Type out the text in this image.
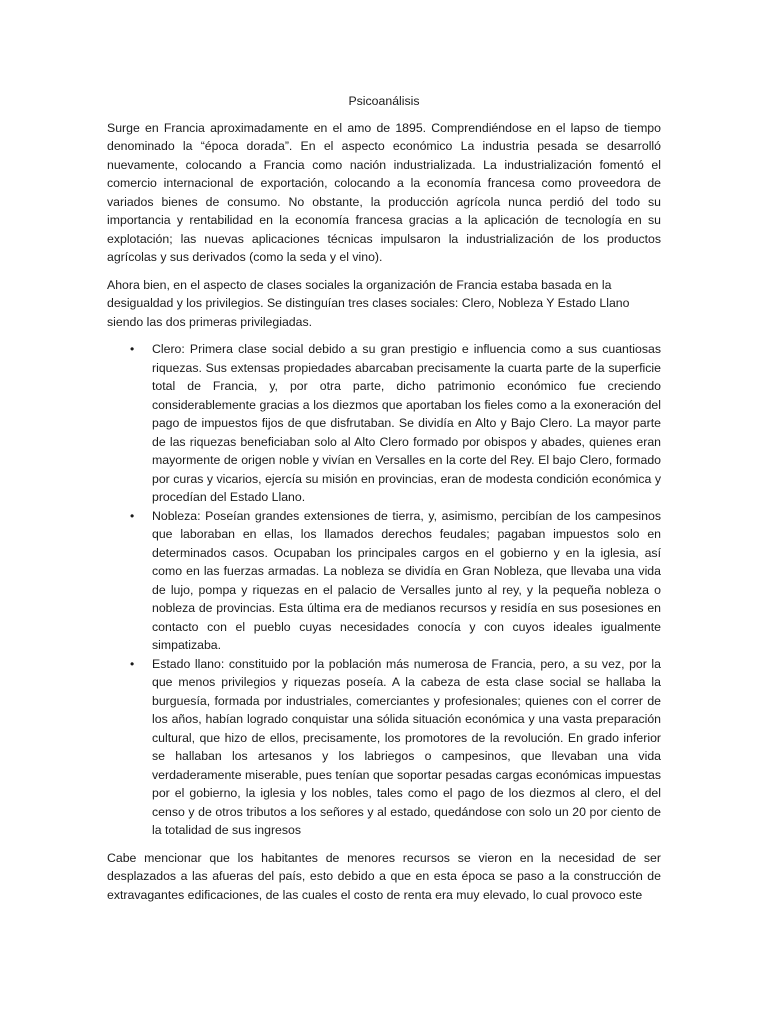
Psicoanálisis

Surge en Francia aproximadamente en el amo de 1895. Comprendiéndose en el lapso de tiempo denominado la “época dorada”. En el aspecto económico La industria pesada se desarrolló nuevamente, colocando a Francia como nación industrializada. La industrialización fomentó el comercio internacional de exportación, colocando a la economía francesa como proveedora de variados bienes de consumo. No obstante, la producción agrícola nunca perdió del todo su importancia y rentabilidad en la economía francesa gracias a la aplicación de tecnología en su explotación; las nuevas aplicaciones técnicas impulsaron la industrialización de los productos agrícolas y sus derivados (como la seda y el vino).

Ahora bien, en el aspecto de clases sociales la organización de Francia estaba basada en la desigualdad y los privilegios. Se distinguían tres clases sociales: Clero, Nobleza Y Estado Llano siendo las dos primeras privilegiadas.

• Clero: Primera clase social debido a su gran prestigio e influencia como a sus cuantiosas riquezas. Sus extensas propiedades abarcaban precisamente la cuarta parte de la superficie total de Francia, y, por otra parte, dicho patrimonio económico fue creciendo considerablemente gracias a los diezmos que aportaban los fieles como a la exoneración del pago de impuestos fijos de que disfrutaban. Se dividía en Alto y Bajo Clero. La mayor parte de las riquezas beneficiaban solo al Alto Clero formado por obispos y abades, quienes eran mayormente de origen noble y vivían en Versalles en la corte del Rey. El bajo Clero, formado por curas y vicarios, ejercía su misión en provincias, eran de modesta condición económica y procedían del Estado Llano.
• Nobleza: Poseían grandes extensiones de tierra, y, asimismo, percibían de los campesinos que laboraban en ellas, los llamados derechos feudales; pagaban impuestos solo en determinados casos. Ocupaban los principales cargos en el gobierno y en la iglesia, así como en las fuerzas armadas. La nobleza se dividía en Gran Nobleza, que llevaba una vida de lujo, pompa y riquezas en el palacio de Versalles junto al rey, y la pequeña nobleza o nobleza de provincias. Esta última era de medianos recursos y residía en sus posesiones en contacto con el pueblo cuyas necesidades conocía y con cuyos ideales igualmente simpatizaba.
• Estado llano: constituido por la población más numerosa de Francia, pero, a su vez, por la que menos privilegios y riquezas poseía. A la cabeza de esta clase social se hallaba la burguesía, formada por industriales, comerciantes y profesionales; quienes con el correr de los años, habían logrado conquistar una sólida situación económica y una vasta preparación cultural, que hizo de ellos, precisamente, los promotores de la revolución. En grado inferior se hallaban los artesanos y los labriegos o campesinos, que llevaban una vida verdaderamente miserable, pues tenían que soportar pesadas cargas económicas impuestas por el gobierno, la iglesia y los nobles, tales como el pago de los diezmos al clero, el del censo y de otros tributos a los señores y al estado, quedándose con solo un 20 por ciento de la totalidad de sus ingresos

Cabe mencionar que los habitantes de menores recursos se vieron en la necesidad de ser desplazados a las afueras del país, esto debido a que en esta época se paso a la construcción de extravagantes edificaciones, de las cuales el costo de renta era muy elevado, lo cual provoco este
